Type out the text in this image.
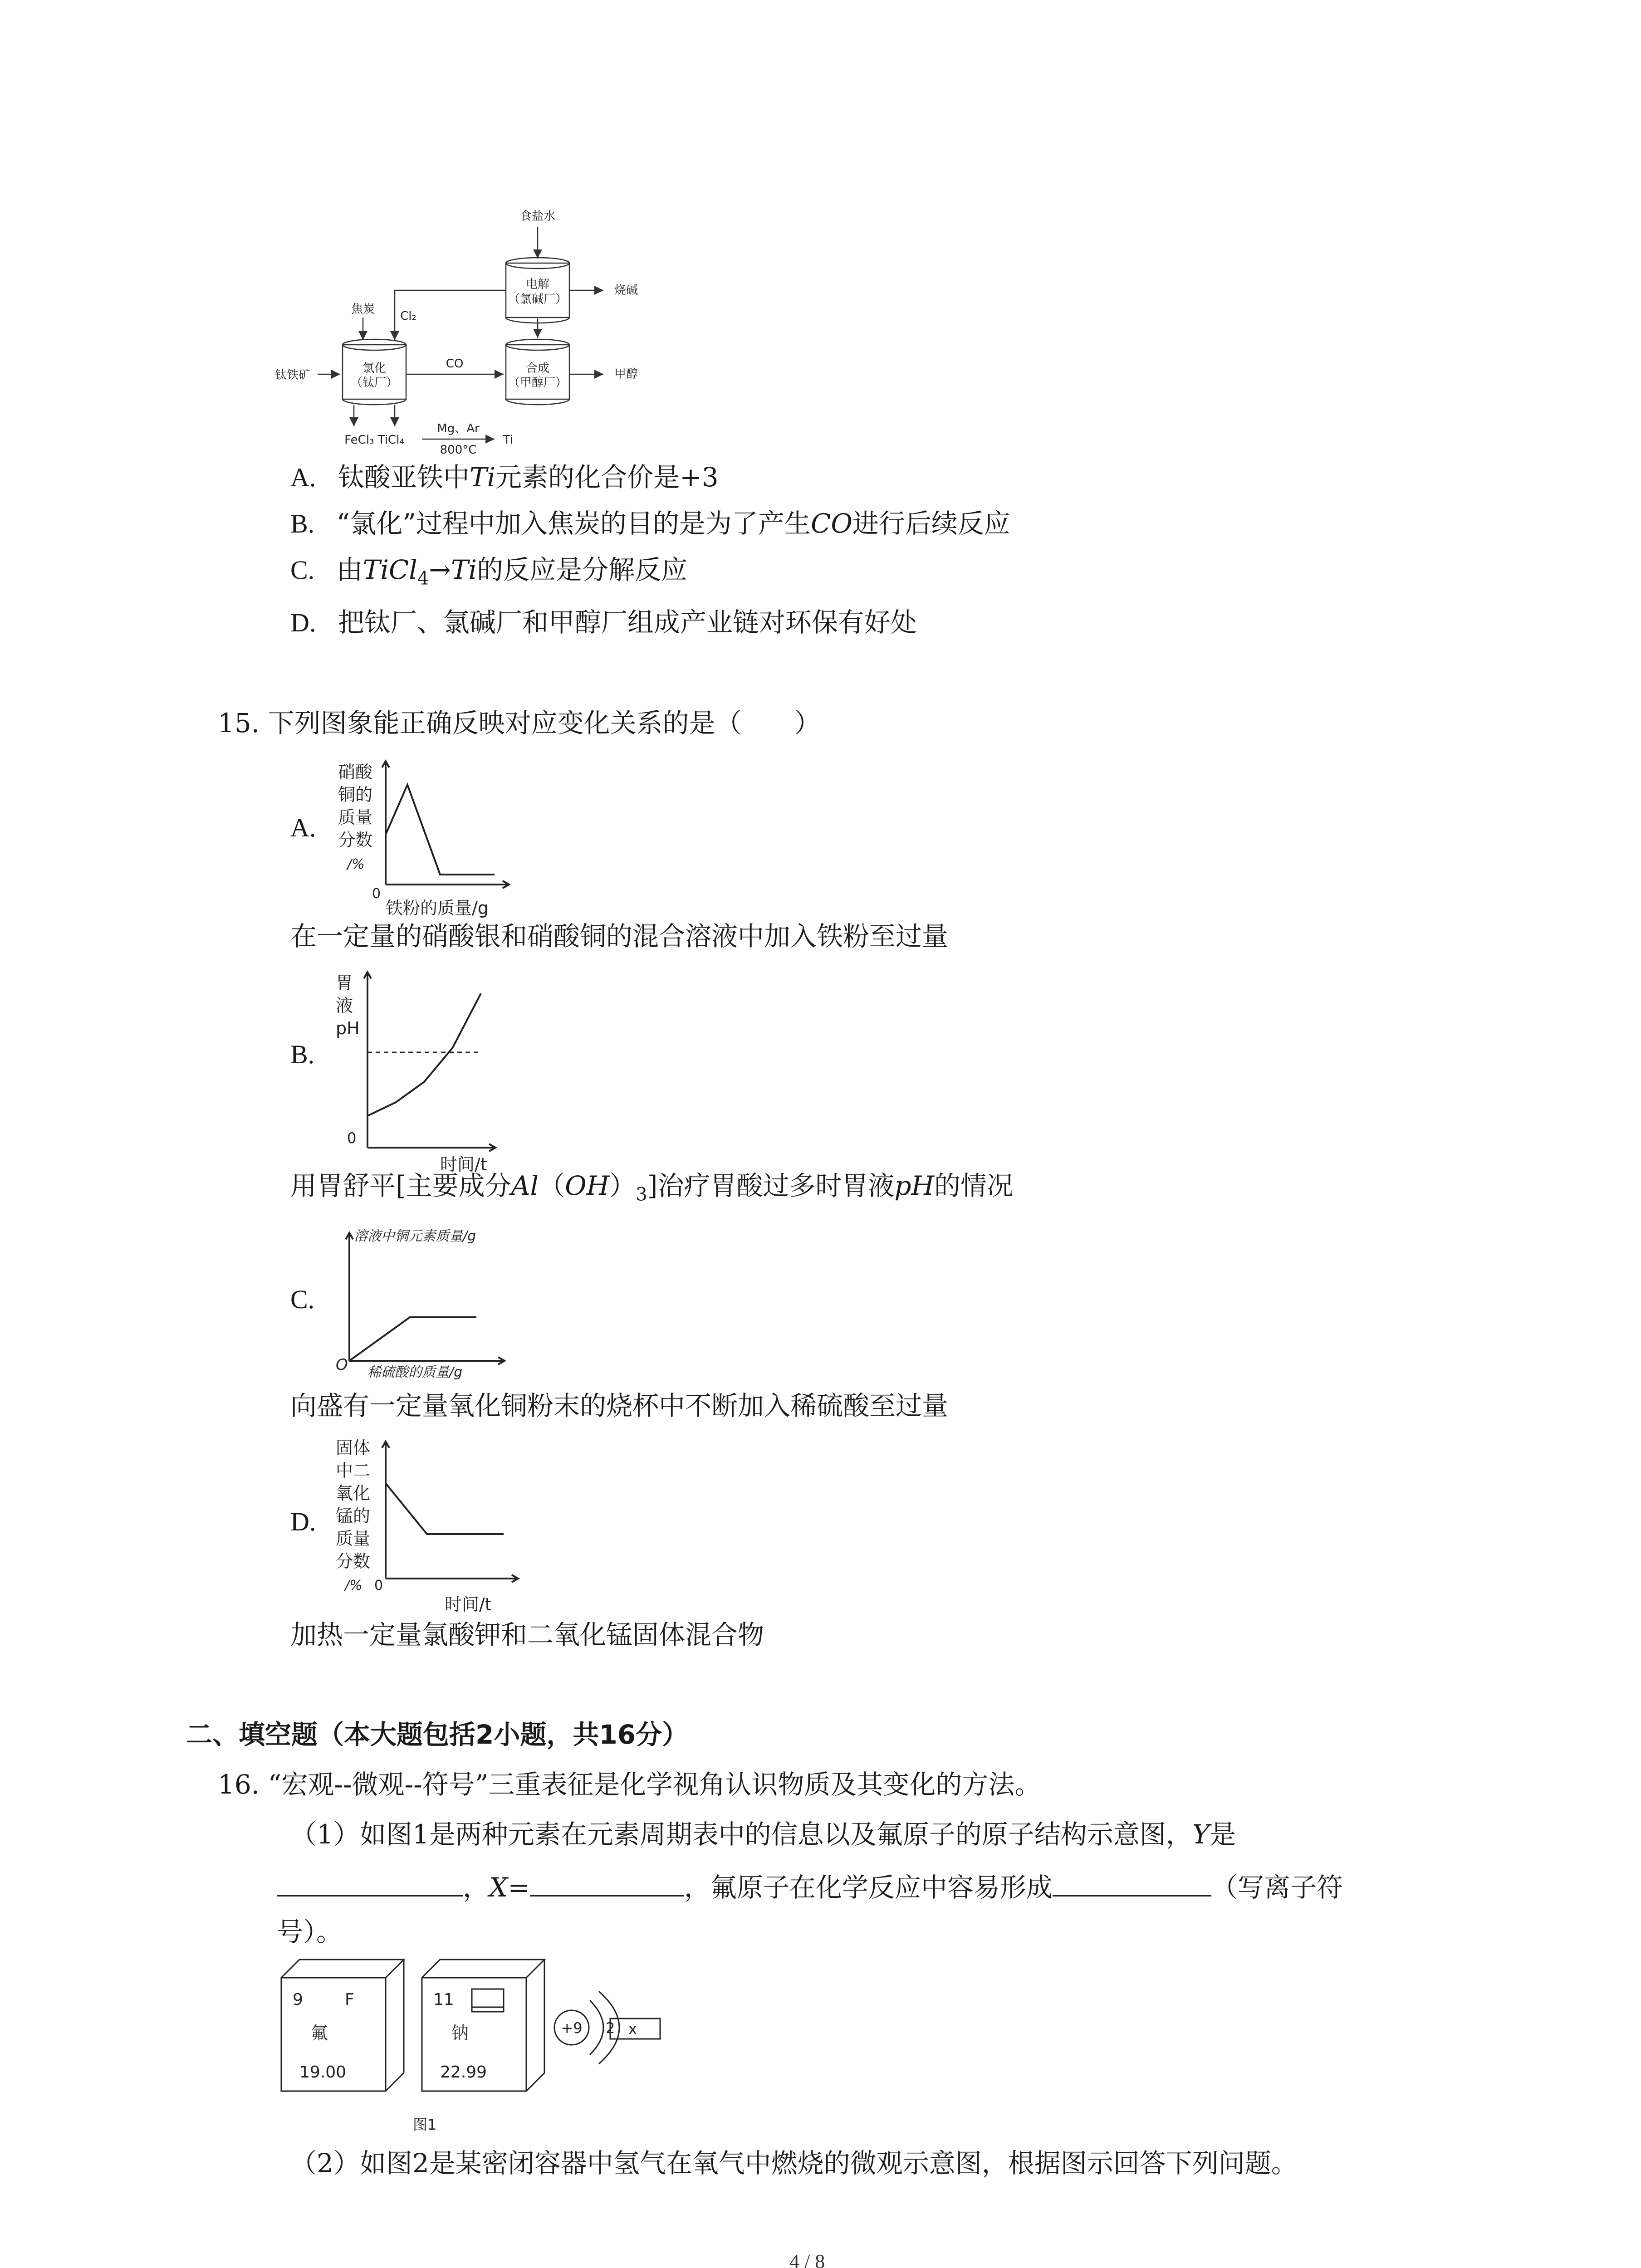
食盐水
电解
（氯碱厂）
烧碱
焦炭 Cl₂
钛铁矿	氯化
（钛厂）
CO	合成
（甲醇厂）
甲醇
FeCl₃ TiCl₄
Mg、Ar
800°C
Ti
A. 钛酸亚铁中Ti元素的化合价是+3
B. “氯化”过程中加入焦炭的目的是为了产生CO进行后续反应
C. 由TiCl$_4$→Ti的反应是分解反应
D. 把钛厂、氯碱厂和甲醇厂组成产业链对环保有好处
15. 下列图象能正确反映对应变化关系的是（　　）
A.
硝酸
铜的
质量
分数
/%
0
铁粉的质量/g
在一定量的硝酸银和硝酸铜的混合溶液中加入铁粉至过量
B.
胃
液
pH
0
时间/t
用胃舒平[主要成分$Al(OH)_3$]治疗胃酸过多时胃液pH的情况
C.
溶液中铜元素质量/g
O 稀硫酸的质量/g
向盛有一定量氧化铜粉末的烧杯中不断加入稀硫酸至过量
D.
固体
中二
氧化
锰的
质量
分数
/% 0
时间/t
加热一定量氯酸钾和二氧化锰固体混合物
二、填空题（本大题包括2小题，共16分）
16. “宏观--微观--符号”三重表征是化学视角认识物质及其变化的方法。
（1）如图1是两种元素在元素周期表中的信息以及氟原子的原子结构示意图，Y是
，X=	，氟原子在化学反应中容易形成	（写离子符
号）。
9	F
氟
19.00
11
钠
22.99
+9 2 x
图1
（2）如图2是某密闭容器中氢气在氧气中燃烧的微观示意图，根据图示回答下列问题。
4 / 8
